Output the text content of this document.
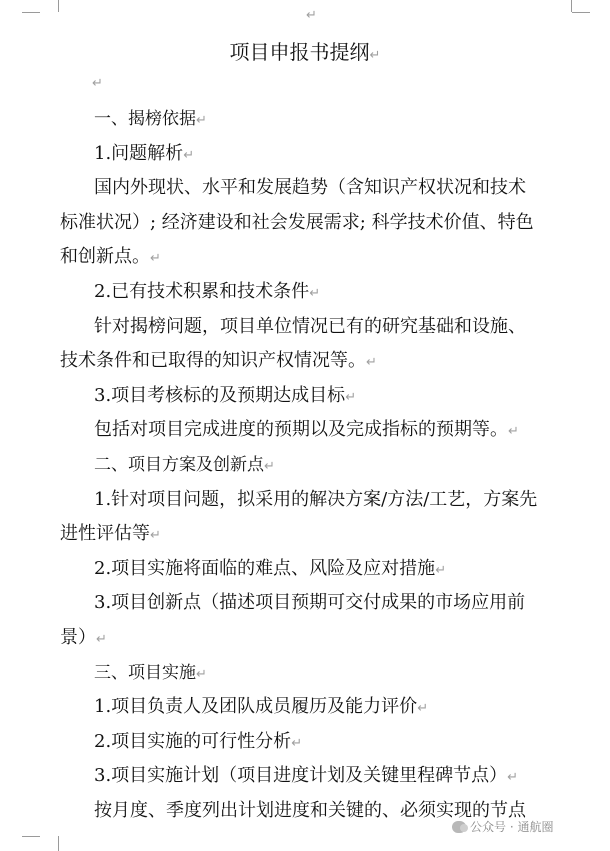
↵
项目申报书提纲↵
↵
一、揭榜依据↵
1.问题解析↵
国内外现状、水平和发展趋势（含知识产权状况和技术
标准状况）; 经济建设和社会发展需求; 科学技术价值、特色
和创新点。↵
2.已有技术积累和技术条件↵
针对揭榜问题，项目单位情况已有的研究基础和设施、
技术条件和已取得的知识产权情况等。↵
3.项目考核标的及预期达成目标↵
包括对项目完成进度的预期以及完成指标的预期等。↵
二、项目方案及创新点↵
1.针对项目问题，拟采用的解决方案/方法/工艺，方案先
进性评估等↵
2.项目实施将面临的难点、风险及应对措施↵
3.项目创新点（描述项目预期可交付成果的市场应用前
景）↵
三、项目实施↵
1.项目负责人及团队成员履历及能力评价↵
2.项目实施的可行性分析↵
3.项目实施计划（项目进度计划及关键里程碑节点）↵
按月度、季度列出计划进度和关键的、必须实现的节点
公众号 · 通航圈
